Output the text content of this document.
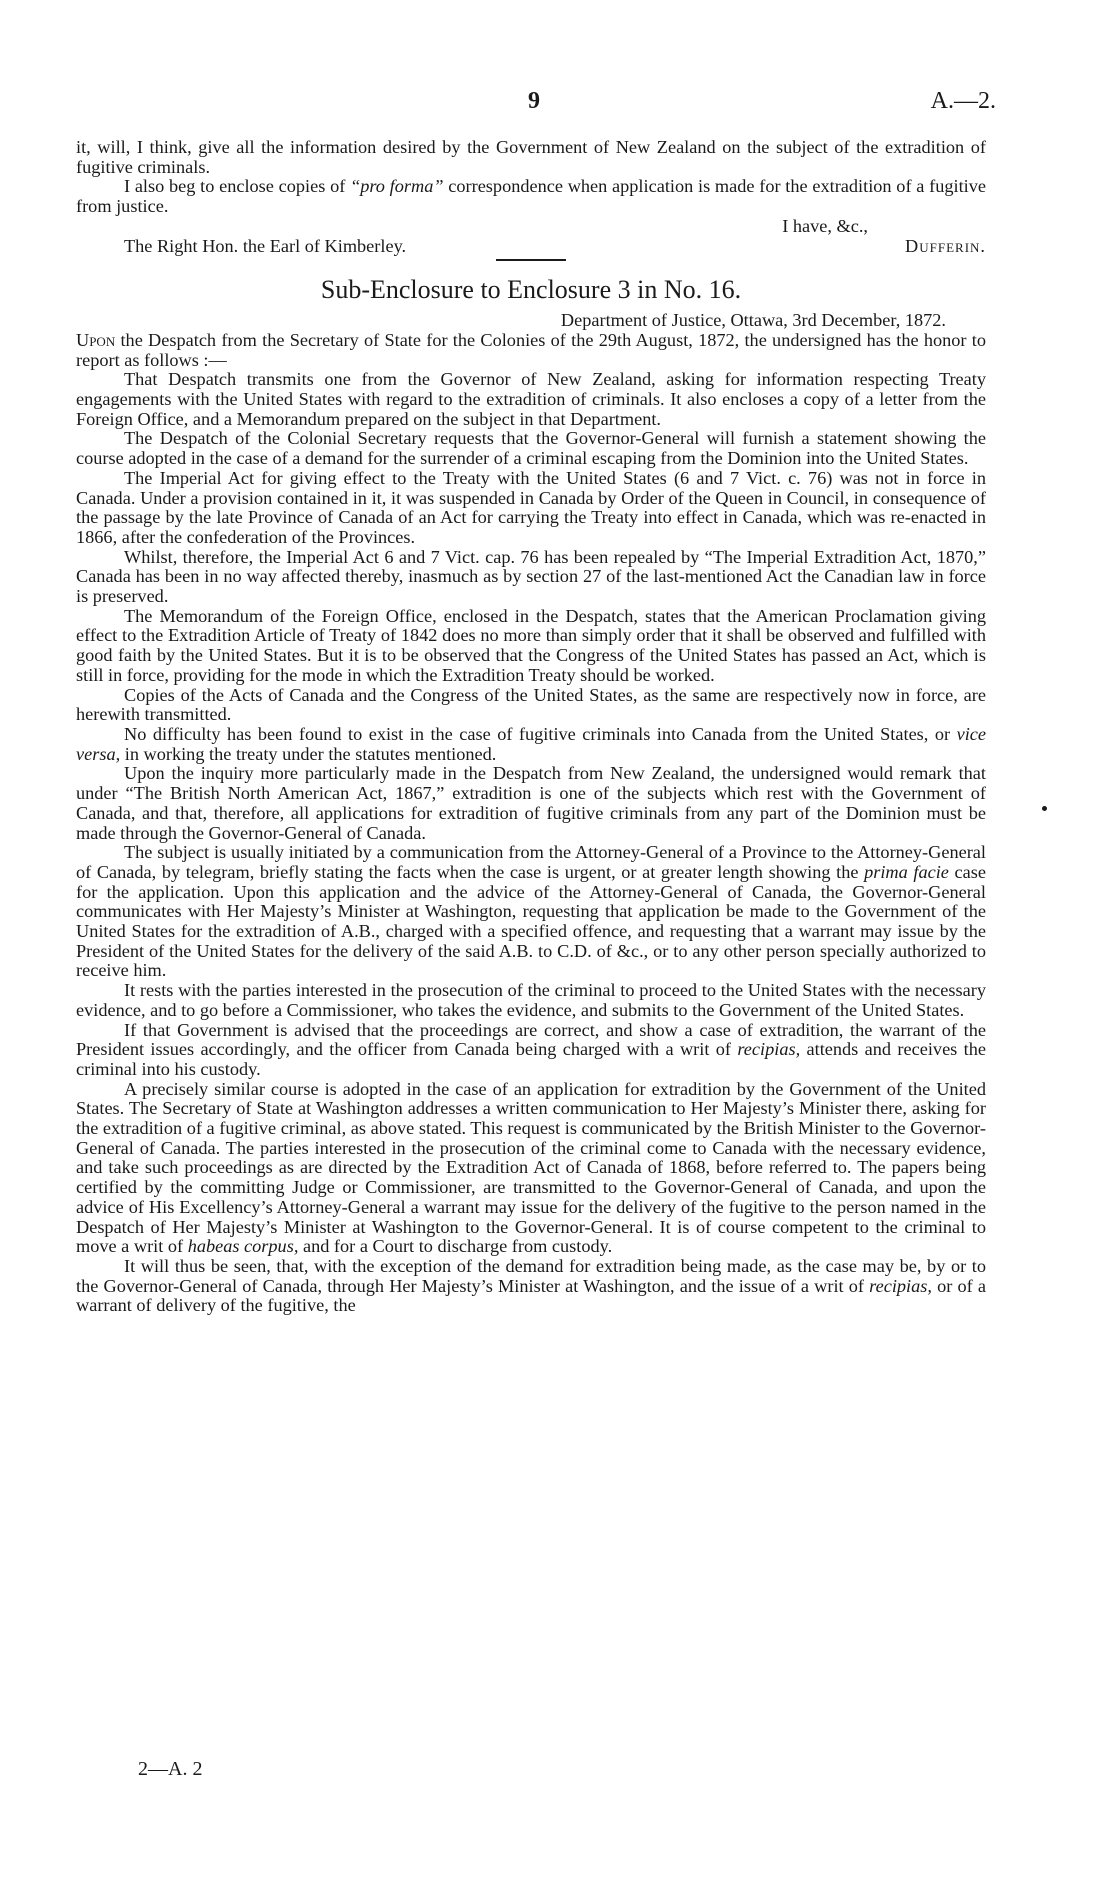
9	A.—2.

it, will, I think, give all the information desired by the Government of New Zealand on the subject of the extradition of fugitive criminals.

I also beg to enclose copies of “pro forma” correspondence when application is made for the extradition of a fugitive from justice.

I have, &c.,

The Right Hon. the Earl of Kimberley.	Dufferin.

Sub-Enclosure to Enclosure 3 in No. 16.

Department of Justice, Ottawa, 3rd December, 1872.

Upon the Despatch from the Secretary of State for the Colonies of the 29th August, 1872, the undersigned has the honor to report as follows :—

That Despatch transmits one from the Governor of New Zealand, asking for information respecting Treaty engagements with the United States with regard to the extradition of criminals. It also encloses a copy of a letter from the Foreign Office, and a Memorandum prepared on the subject in that Department.

The Despatch of the Colonial Secretary requests that the Governor-General will furnish a statement showing the course adopted in the case of a demand for the surrender of a criminal escaping from the Dominion into the United States.

The Imperial Act for giving effect to the Treaty with the United States (6 and 7 Vict. c. 76) was not in force in Canada. Under a provision contained in it, it was suspended in Canada by Order of the Queen in Council, in consequence of the passage by the late Province of Canada of an Act for carrying the Treaty into effect in Canada, which was re-enacted in 1866, after the confederation of the Provinces.

Whilst, therefore, the Imperial Act 6 and 7 Vict. cap. 76 has been repealed by “The Imperial Extradition Act, 1870,” Canada has been in no way affected thereby, inasmuch as by section 27 of the last-mentioned Act the Canadian law in force is preserved.

The Memorandum of the Foreign Office, enclosed in the Despatch, states that the American Proclamation giving effect to the Extradition Article of Treaty of 1842 does no more than simply order that it shall be observed and fulfilled with good faith by the United States. But it is to be observed that the Congress of the United States has passed an Act, which is still in force, providing for the mode in which the Extradition Treaty should be worked.

Copies of the Acts of Canada and the Congress of the United States, as the same are respectively now in force, are herewith transmitted.

No difficulty has been found to exist in the case of fugitive criminals into Canada from the United States, or vice versa, in working the treaty under the statutes mentioned.

Upon the inquiry more particularly made in the Despatch from New Zealand, the undersigned would remark that under “The British North American Act, 1867,” extradition is one of the subjects which rest with the Government of Canada, and that, therefore, all applications for extradition of fugitive criminals from any part of the Dominion must be made through the Governor-General of Canada.

The subject is usually initiated by a communication from the Attorney-General of a Province to the Attorney-General of Canada, by telegram, briefly stating the facts when the case is urgent, or at greater length showing the prima facie case for the application. Upon this application and the advice of the Attorney-General of Canada, the Governor-General communicates with Her Majesty’s Minister at Washington, requesting that application be made to the Government of the United States for the extradition of A.B., charged with a specified offence, and requesting that a warrant may issue by the President of the United States for the delivery of the said A.B. to C.D. of &c., or to any other person specially authorized to receive him.

It rests with the parties interested in the prosecution of the criminal to proceed to the United States with the necessary evidence, and to go before a Commissioner, who takes the evidence, and submits to the Government of the United States.

If that Government is advised that the proceedings are correct, and show a case of extradition, the warrant of the President issues accordingly, and the officer from Canada being charged with a writ of recipias, attends and receives the criminal into his custody.

A precisely similar course is adopted in the case of an application for extradition by the Government of the United States. The Secretary of State at Washington addresses a written communication to Her Majesty’s Minister there, asking for the extradition of a fugitive criminal, as above stated. This request is communicated by the British Minister to the Governor-General of Canada. The parties interested in the prosecution of the criminal come to Canada with the necessary evidence, and take such proceedings as are directed by the Extradition Act of Canada of 1868, before referred to. The papers being certified by the committing Judge or Commissioner, are transmitted to the Governor-General of Canada, and upon the advice of His Excellency’s Attorney-General a warrant may issue for the delivery of the fugitive to the person named in the Despatch of Her Majesty’s Minister at Washington to the Governor-General. It is of course competent to the criminal to move a writ of habeas corpus, and for a Court to discharge from custody.

It will thus be seen, that, with the exception of the demand for extradition being made, as the case may be, by or to the Governor-General of Canada, through Her Majesty’s Minister at Washington, and the issue of a writ of recipias, or of a warrant of delivery of the fugitive, the

2—A. 2
